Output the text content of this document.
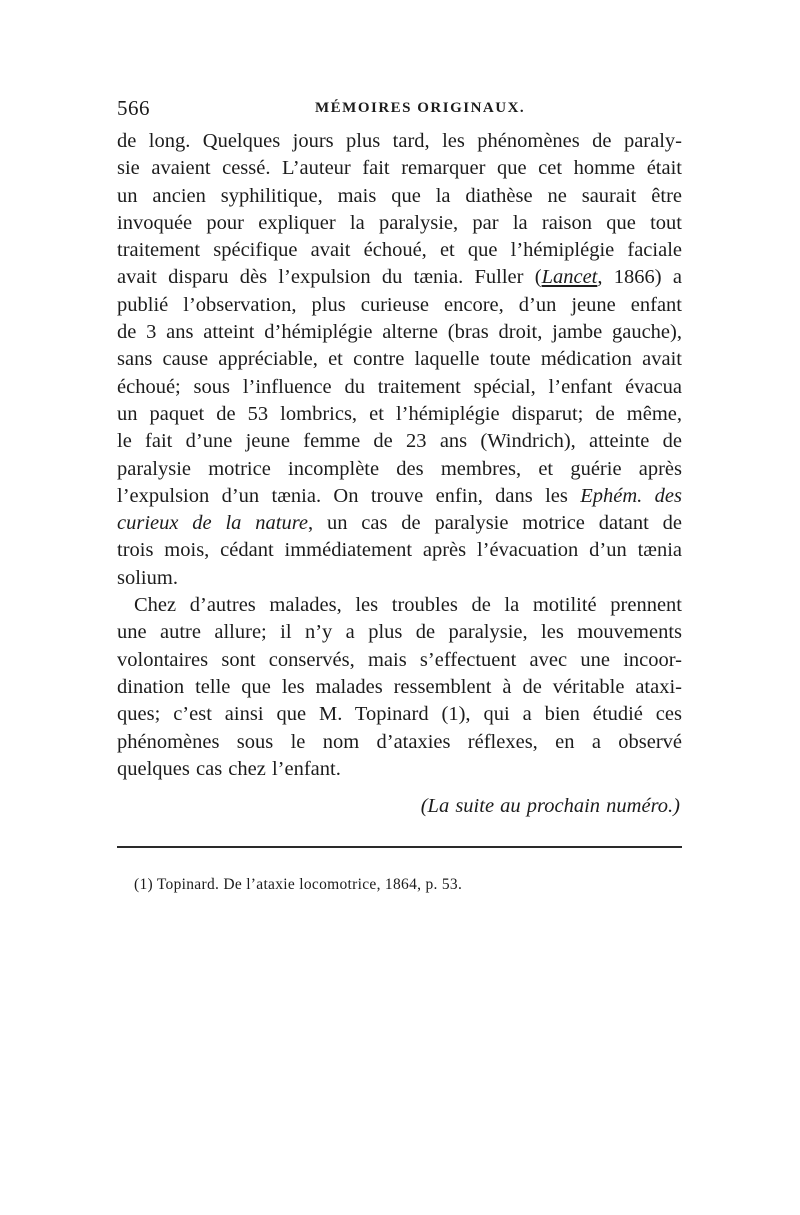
566	MÉMOIRES ORIGINAUX.
de long. Quelques jours plus tard, les phénomènes de paraly-
sie avaient cessé. L’auteur fait remarquer que cet homme était
un ancien syphilitique, mais que la diathèse ne saurait être
invoquée pour expliquer la paralysie, par la raison que tout
traitement spécifique avait échoué, et que l’hémiplégie faciale
avait disparu dès l’expulsion du tænia. Fuller (Lancet, 1866) a
publié l’observation, plus curieuse encore, d’un jeune enfant
de 3 ans atteint d’hémiplégie alterne (bras droit, jambe gauche),
sans cause appréciable, et contre laquelle toute médication avait
échoué; sous l’influence du traitement spécial, l’enfant évacua
un paquet de 53 lombrics, et l’hémiplégie disparut; de même,
le fait d’une jeune femme de 23 ans (Windrich), atteinte de
paralysie motrice incomplète des membres, et guérie après
l’expulsion d’un tænia. On trouve enfin, dans les Ephém. des
curieux de la nature, un cas de paralysie motrice datant de
trois mois, cédant immédiatement après l’évacuation d’un tænia
solium.
Chez d’autres malades, les troubles de la motilité prennent
une autre allure; il n’y a plus de paralysie, les mouvements
volontaires sont conservés, mais s’effectuent avec une incoor-
dination telle que les malades ressemblent à de véritable ataxi-
ques; c’est ainsi que M. Topinard (1), qui a bien étudié ces
phénomènes sous le nom d’ataxies réflexes, en a observé
quelques cas chez l’enfant.
(La suite au prochain numéro.)
(1) Topinard. De l’ataxie locomotrice, 1864, p. 53.
